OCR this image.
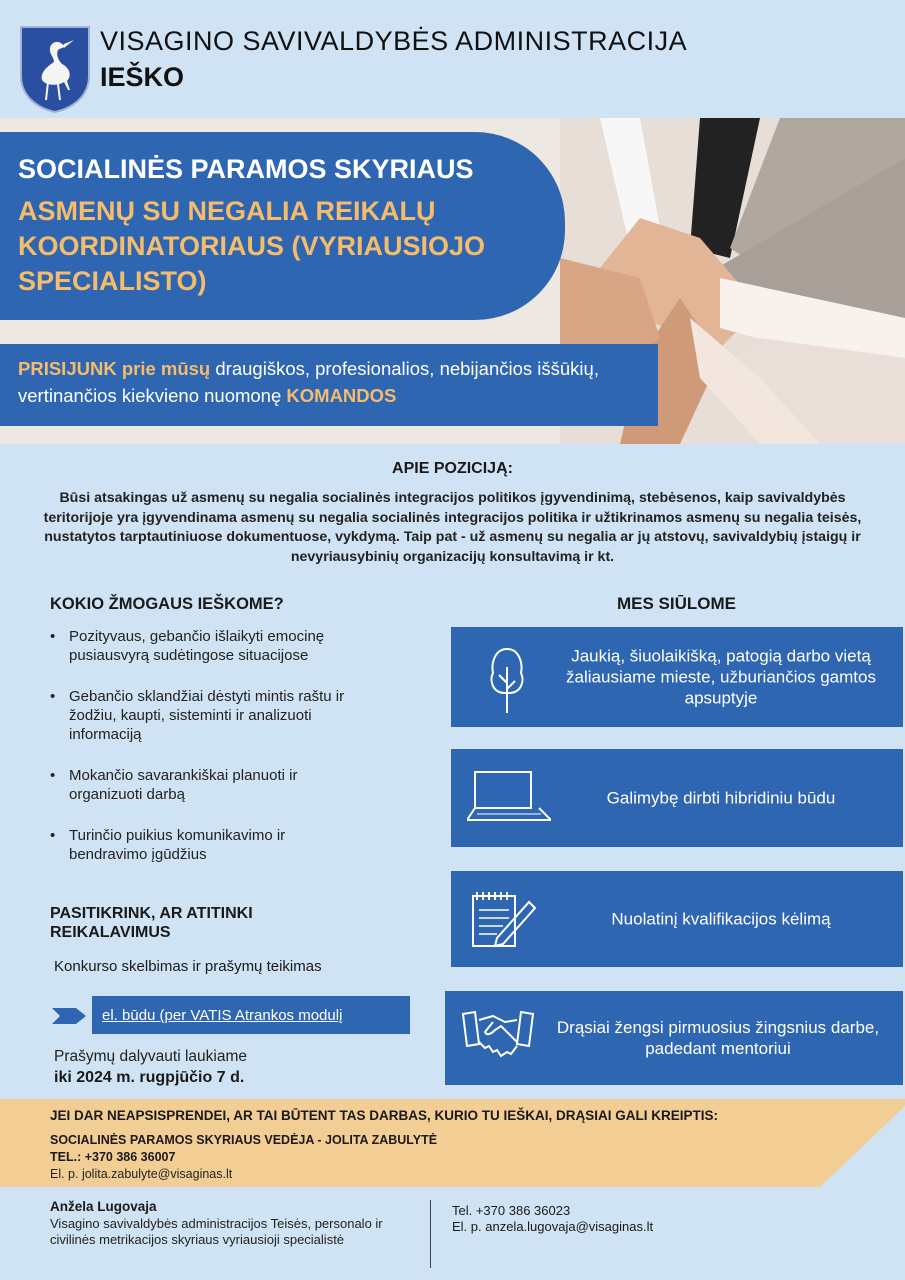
VISAGINO SAVIVALDYBĖS ADMINISTRACIJA
IEŠKO
SOCIALINĖS PARAMOS SKYRIAUS
ASMENŲ SU NEGALIA REIKALŲ KOORDINATORIAUS (VYRIAUSIOJO SPECIALISTO)
PRISIJUNK prie mūsų draugiškos, profesionalios, nebijančios iššūkių, vertinančios kiekvieno nuomonę KOMANDOS
APIE POZICIJĄ:
Būsi atsakingas už asmenų su negalia socialinės integracijos politikos įgyvendinimą, stebėsenos, kaip savivaldybės teritorijoje yra įgyvendinama asmenų su negalia socialinės integracijos politika ir užtikrinamos asmenų su negalia teisės, nustatytos tarptautiniuose dokumentuose, vykdymą. Taip pat - už asmenų su negalia ar jų atstovų, savivaldybių įstaigų ir nevyriausybinių organizacijų konsultavimą ir kt.
KOKIO ŽMOGAUS IEŠKOME?
• Pozityvaus, gebančio išlaikyti emocinę pusiausvyrą sudėtingose situacijose
• Gebančio sklandžiai dėstyti mintis raštu ir žodžiu, kaupti, sisteminti ir analizuoti informaciją
• Mokančio savarankiškai planuoti ir organizuoti darbą
• Turinčio puikius komunikavimo ir bendravimo įgūdžius
PASITIKRINK, AR ATITINKI REIKALAVIMUS
Konkurso skelbimas ir prašymų teikimas
el. būdu (per VATIS Atrankos modulį
Prašymų dalyvauti laukiame
iki 2024 m. rugpjūčio 7 d.
MES SIŪLOME
Jaukią, šiuolaikišką, patogią darbo vietą žaliausiame mieste, užburiančios gamtos apsuptyje
Galimybę dirbti hibridiniu būdu
Nuolatinį kvalifikacijos kėlimą
Drąsiai žengsi pirmuosius žingsnius darbe, padedant mentoriui
JEI DAR NEAPSISPRENDEI, AR TAI BŪTENT TAS DARBAS, KURIO TU IEŠKAI, DRĄSIAI GALI KREIPTIS:
SOCIALINĖS PARAMOS SKYRIAUS VEDĖJA - JOLITA ZABULYTĖ
TEL.: +370 386 36007
El. p. jolita.zabulyte@visaginas.lt
Anželа Lugovaja
Visagino savivaldybės administracijos Teisės, personalo ir civilinės metrikacijos skyriaus vyriausioji specialistė
Tel. +370 386 36023
El. p. anzela.lugovaja@visaginas.lt
